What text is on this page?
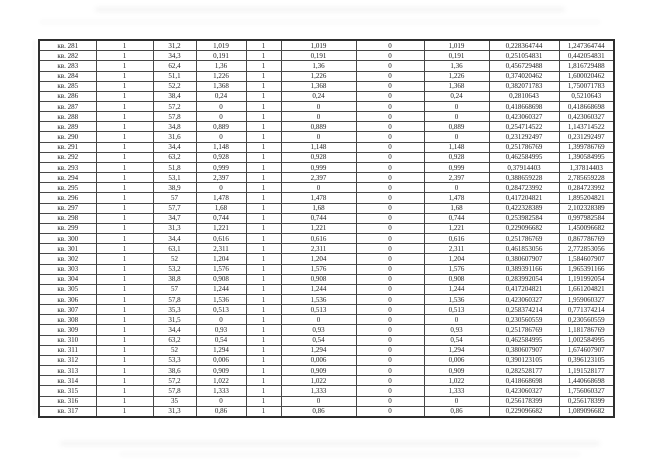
кв. 281	1	31,2	1,019	1	1,019	0	1,019	0,228364744	1,247364744
кв. 282	1	34,3	0,191	1	0,191	0	0,191	0,251054831	0,442054831
кв. 283	1	62,4	1,36	1	1,36	0	1,36	0,456729488	1,816729488
кв. 284	1	51,1	1,226	1	1,226	0	1,226	0,374020462	1,600020462
кв. 285	1	52,2	1,368	1	1,368	0	1,368	0,382071783	1,750071783
кв. 286	1	38,4	0,24	1	0,24	0	0,24	0,2810643	0,5210643
кв. 287	1	57,2	0	1	0	0	0	0,418668698	0,418668698
кв. 288	1	57,8	0	1	0	0	0	0,423060327	0,423060327
кв. 289	1	34,8	0,889	1	0,889	0	0,889	0,254714522	1,143714522
кв. 290	1	31,6	0	1	0	0	0	0,231292497	0,231292497
кв. 291	1	34,4	1,148	1	1,148	0	1,148	0,251786769	1,399786769
кв. 292	1	63,2	0,928	1	0,928	0	0,928	0,462584995	1,390584995
кв. 293	1	51,8	0,999	1	0,999	0	0,999	0,37914403	1,37814403
кв. 294	1	53,1	2,397	1	2,397	0	2,397	0,388659228	2,785659228
кв. 295	1	38,9	0	1	0	0	0	0,284723992	0,284723992
кв. 296	1	57	1,478	1	1,478	0	1,478	0,417204821	1,895204821
кв. 297	1	57,7	1,68	1	1,68	0	1,68	0,422328389	2,102328389
кв. 298	1	34,7	0,744	1	0,744	0	0,744	0,253982584	0,997982584
кв. 299	1	31,3	1,221	1	1,221	0	1,221	0,229096682	1,450096682
кв. 300	1	34,4	0,616	1	0,616	0	0,616	0,251786769	0,867786769
кв. 301	1	63,1	2,311	1	2,311	0	2,311	0,461853056	2,772853056
кв. 302	1	52	1,204	1	1,204	0	1,204	0,380607907	1,584607907
кв. 303	1	53,2	1,576	1	1,576	0	1,576	0,389391166	1,965391166
кв. 304	1	38,8	0,908	1	0,908	0	0,908	0,283992054	1,191992054
кв. 305	1	57	1,244	1	1,244	0	1,244	0,417204821	1,661204821
кв. 306	1	57,8	1,536	1	1,536	0	1,536	0,423060327	1,959060327
кв. 307	1	35,3	0,513	1	0,513	0	0,513	0,258374214	0,771374214
кв. 308	1	31,5	0	1	0	0	0	0,230560559	0,230560559
кв. 309	1	34,4	0,93	1	0,93	0	0,93	0,251786769	1,181786769
кв. 310	1	63,2	0,54	1	0,54	0	0,54	0,462584995	1,002584995
кв. 311	1	52	1,294	1	1,294	0	1,294	0,380607907	1,674607907
кв. 312	1	53,3	0,006	1	0,006	0	0,006	0,390123105	0,396123105
кв. 313	1	38,6	0,909	1	0,909	0	0,909	0,282528177	1,191528177
кв. 314	1	57,2	1,022	1	1,022	0	1,022	0,418668698	1,440668698
кв. 315	1	57,8	1,333	1	1,333	0	1,333	0,423060327	1,756060327
кв. 316	1	35	0	1	0	0	0	0,256178399	0,256178399
кв. 317	1	31,3	0,86	1	0,86	0	0,86	0,229096682	1,089096682
